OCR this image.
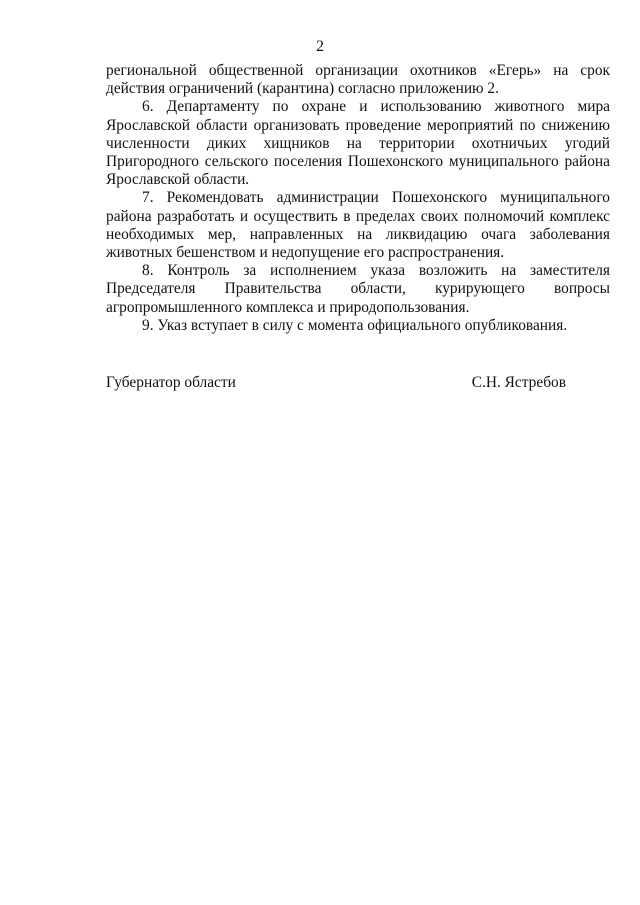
2

региональной общественной организации охотников «Егерь» на срок действия ограничений (карантина) согласно приложению 2.

6. Департаменту по охране и использованию животного мира Ярославской области организовать проведение мероприятий по снижению численности диких хищников на территории охотничьих угодий Пригородного сельского поселения Пошехонского муниципального района Ярославской области.

7. Рекомендовать администрации Пошехонского муниципального района разработать и осуществить в пределах своих полномочий комплекс необходимых мер, направленных на ликвидацию очага заболевания животных бешенством и недопущение его распространения.

8. Контроль за исполнением указа возложить на заместителя Председателя Правительства области, курирующего вопросы агропромышленного комплекса и природопользования.

9. Указ вступает в силу с момента официального опубликования.

Губернатор области	С.Н. Ястребов
